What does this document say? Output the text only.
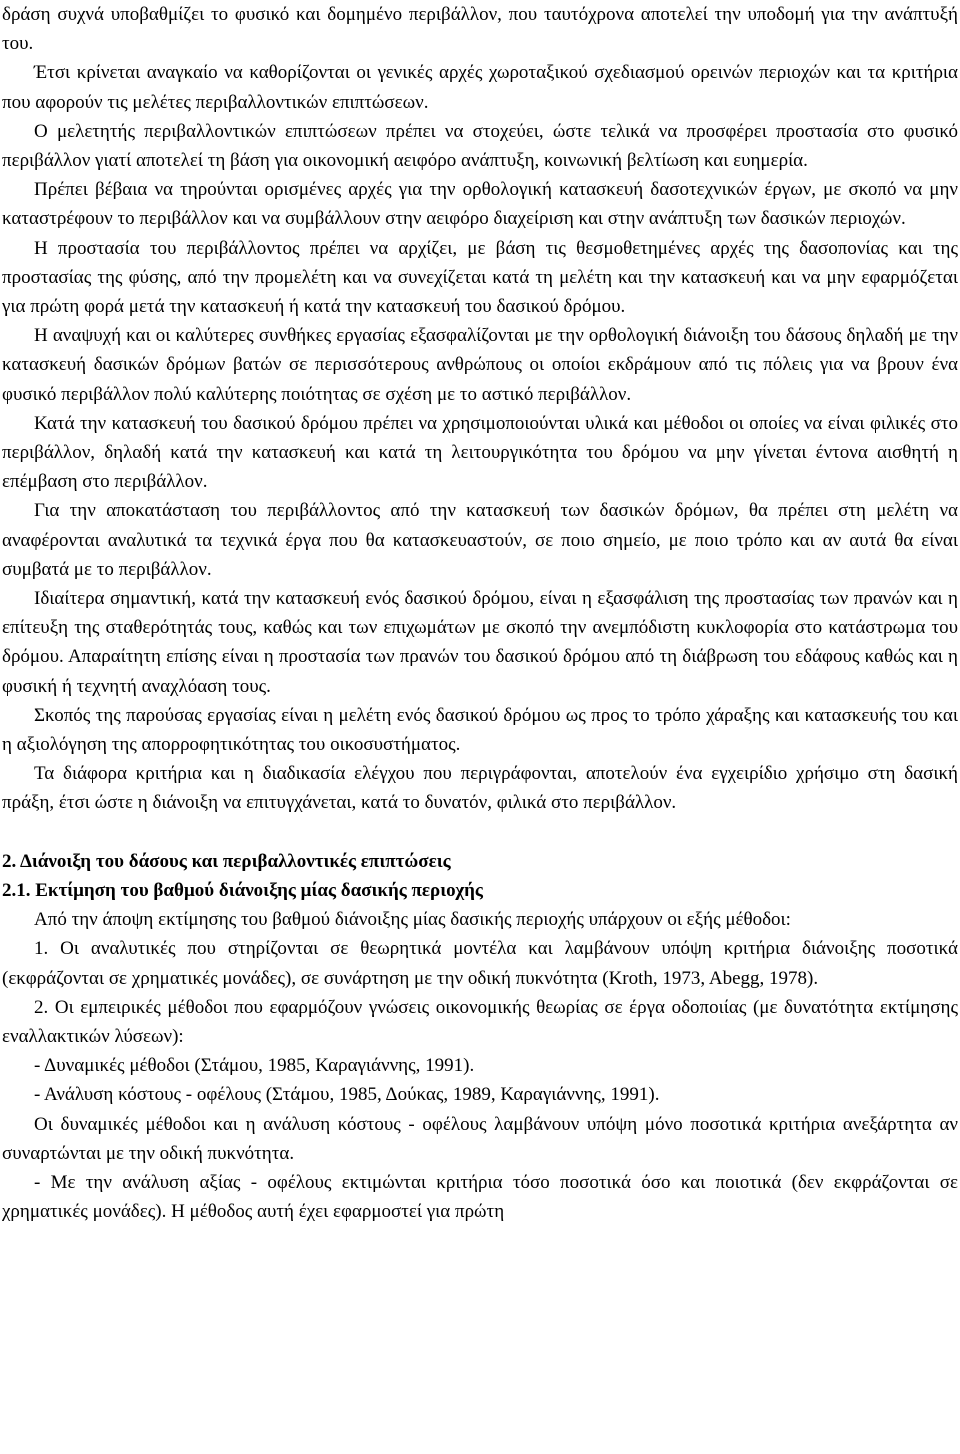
δράση συχνά υποβαθμίζει το φυσικό και δομημένο περιβάλλον, που ταυτόχρονα αποτελεί την υποδομή για την ανάπτυξή του.

Έτσι κρίνεται αναγκαίο να καθορίζονται οι γενικές αρχές χωροταξικού σχεδιασμού ορεινών περιοχών και τα κριτήρια που αφορούν τις μελέτες περιβαλλοντικών επιπτώσεων.

Ο μελετητής περιβαλλοντικών επιπτώσεων πρέπει να στοχεύει, ώστε τελικά να προσφέρει προστασία στο φυσικό περιβάλλον γιατί αποτελεί τη βάση για οικονομική αειφόρο ανάπτυξη, κοινωνική βελτίωση και ευημερία.

Πρέπει βέβαια να τηρούνται ορισμένες αρχές για την ορθολογική κατασκευή δασοτεχνικών έργων, με σκοπό να μην καταστρέφουν το περιβάλλον και να συμβάλλουν στην αειφόρο διαχείριση και στην ανάπτυξη των δασικών περιοχών.

Η προστασία του περιβάλλοντος πρέπει να αρχίζει, με βάση τις θεσμοθετημένες αρχές της δασοπονίας και της προστασίας της φύσης, από την προμελέτη και να συνεχίζεται κατά τη μελέτη και την κατασκευή και να μην εφαρμόζεται για πρώτη φορά μετά την κατασκευή ή κατά την κατασκευή του δασικού δρόμου.

Η αναψυχή και οι καλύτερες συνθήκες εργασίας εξασφαλίζονται με την ορθολογική διάνοιξη του δάσους δηλαδή με την κατασκευή δασικών δρόμων βατών σε περισσότερους ανθρώπους οι οποίοι εκδράμουν από τις πόλεις για να βρουν ένα φυσικό περιβάλλον πολύ καλύτερης ποιότητας σε σχέση με το αστικό περιβάλλον.

Κατά την κατασκευή του δασικού δρόμου πρέπει να χρησιμοποιούνται υλικά και μέθοδοι οι οποίες να είναι φιλικές στο περιβάλλον, δηλαδή κατά την κατασκευή και κατά τη λειτουργικότητα του δρόμου να μην γίνεται έντονα αισθητή η επέμβαση στο περιβάλλον.

Για την αποκατάσταση του περιβάλλοντος από την κατασκευή των δασικών δρόμων, θα πρέπει στη μελέτη να αναφέρονται αναλυτικά τα τεχνικά έργα που θα κατασκευαστούν, σε ποιο σημείο, με ποιο τρόπο και αν αυτά θα είναι συμβατά με το περιβάλλον.

Ιδιαίτερα σημαντική, κατά την κατασκευή ενός δασικού δρόμου, είναι η εξασφάλιση της προστασίας των πρανών και η επίτευξη της σταθερότητάς τους, καθώς και των επιχωμάτων με σκοπό την ανεμπόδιστη κυκλοφορία στο κατάστρωμα του δρόμου. Απαραίτητη επίσης είναι η προστασία των πρανών του δασικού δρόμου από τη διάβρωση του εδάφους καθώς και η φυσική ή τεχνητή αναχλόαση τους.

Σκοπός της παρούσας εργασίας είναι η μελέτη ενός δασικού δρόμου ως προς το τρόπο χάραξης και κατασκευής του και η αξιολόγηση της απορροφητικότητας του οικοσυστήματος.

Τα διάφορα κριτήρια και η διαδικασία ελέγχου που περιγράφονται, αποτελούν ένα εγχειρίδιο χρήσιμο στη δασική πράξη, έτσι ώστε η διάνοιξη να επιτυγχάνεται, κατά το δυνατόν, φιλικά στο περιβάλλον.

2. Διάνοιξη του δάσους και περιβαλλοντικές επιπτώσεις
2.1. Εκτίμηση του βαθμού διάνοιξης μίας δασικής περιοχής

Από την άποψη εκτίμησης του βαθμού διάνοιξης μίας δασικής περιοχής υπάρχουν οι εξής μέθοδοι:

1. Οι αναλυτικές που στηρίζονται σε θεωρητικά μοντέλα και λαμβάνουν υπόψη κριτήρια διάνοιξης ποσοτικά (εκφράζονται σε χρηματικές μονάδες), σε συνάρτηση με την οδική πυκνότητα (Kroth, 1973, Abegg, 1978).

2. Οι εμπειρικές μέθοδοι που εφαρμόζουν γνώσεις οικονομικής θεωρίας σε έργα οδοποιίας (με δυνατότητα εκτίμησης εναλλακτικών λύσεων):

- Δυναμικές μέθοδοι (Στάμου, 1985, Καραγιάννης, 1991).

- Ανάλυση κόστους - οφέλους (Στάμου, 1985, Δούκας, 1989, Καραγιάννης, 1991).

Οι δυναμικές μέθοδοι και η ανάλυση κόστους - οφέλους λαμβάνουν υπόψη μόνο ποσοτικά κριτήρια ανεξάρτητα αν συναρτώνται με την οδική πυκνότητα.

- Με την ανάλυση αξίας - οφέλους εκτιμώνται κριτήρια τόσο ποσοτικά όσο και ποιοτικά (δεν εκφράζονται σε χρηματικές μονάδες). Η μέθοδος αυτή έχει εφαρμοστεί για πρώτη
